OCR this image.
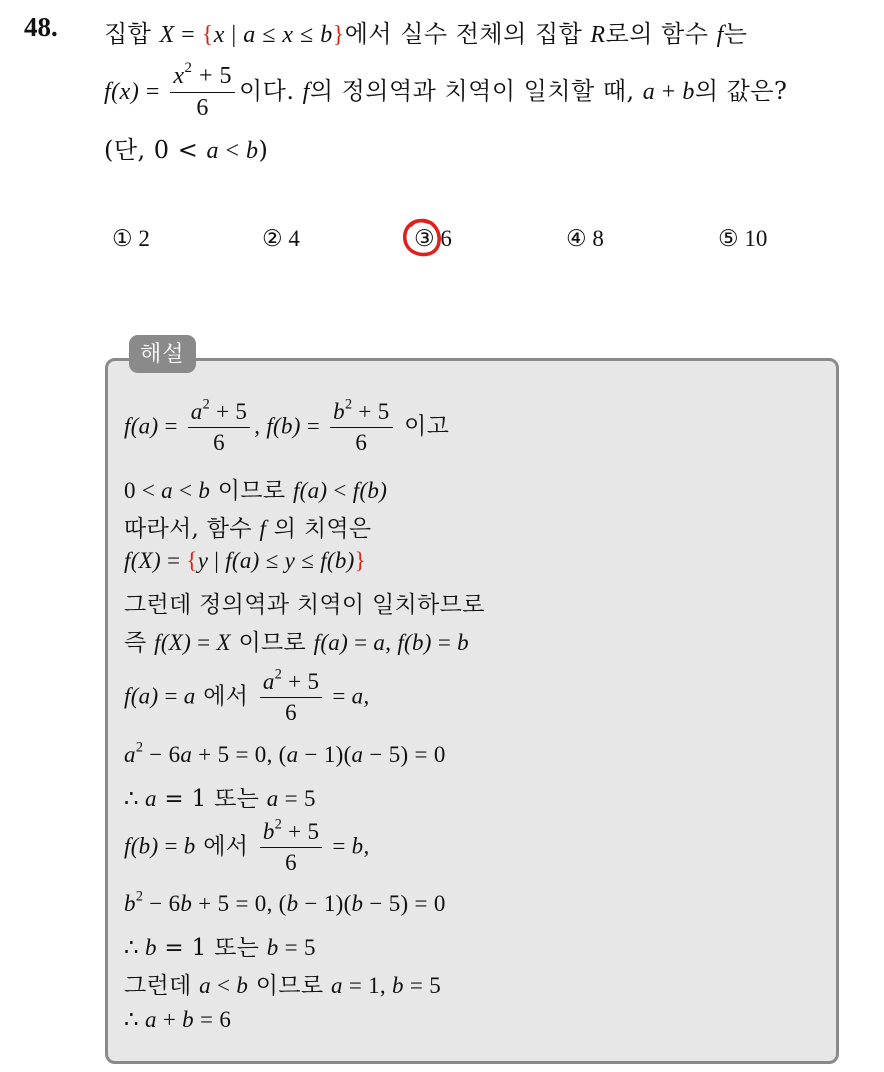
48. 집합 X = {x | a ≤ x ≤ b}에서 실수 전체의 집합 R로의 함수 f는
$f(x) = \frac{x^2 + 5}{6}$ 이다. f의 정의역과 치역이 일치할 때, a + b의 값은?
(단, 0 < a < b)
① 2	② 4	③ 6	④ 8	⑤ 10
해설
$f(a) = \frac{a^2 + 5}{6}$ , $f(b) = \frac{b^2 + 5}{6}$ 이고
0 < a < b 이므로 f(a) < f(b)
따라서, 함수 f 의 치역은
f(X) = {y | f(a) ≤ y ≤ f(b)}
그런데 정의역과 치역이 일치하므로
즉 f(X) = X 이므로 f(a) = a, f(b) = b
f(a) = a 에서 $\frac{a^2 + 5}{6} = a$,
$a^2 - 6a + 5 = 0$, (a − 1)(a − 5) = 0
∴ a = 1 또는 a = 5
f(b) = b 에서 $\frac{b^2 + 5}{6} = b$,
$b^2 - 6b + 5 = 0$, (b − 1)(b − 5) = 0
∴ b = 1 또는 b = 5
그런데 a < b 이므로 a = 1, b = 5
∴ a + b = 6
